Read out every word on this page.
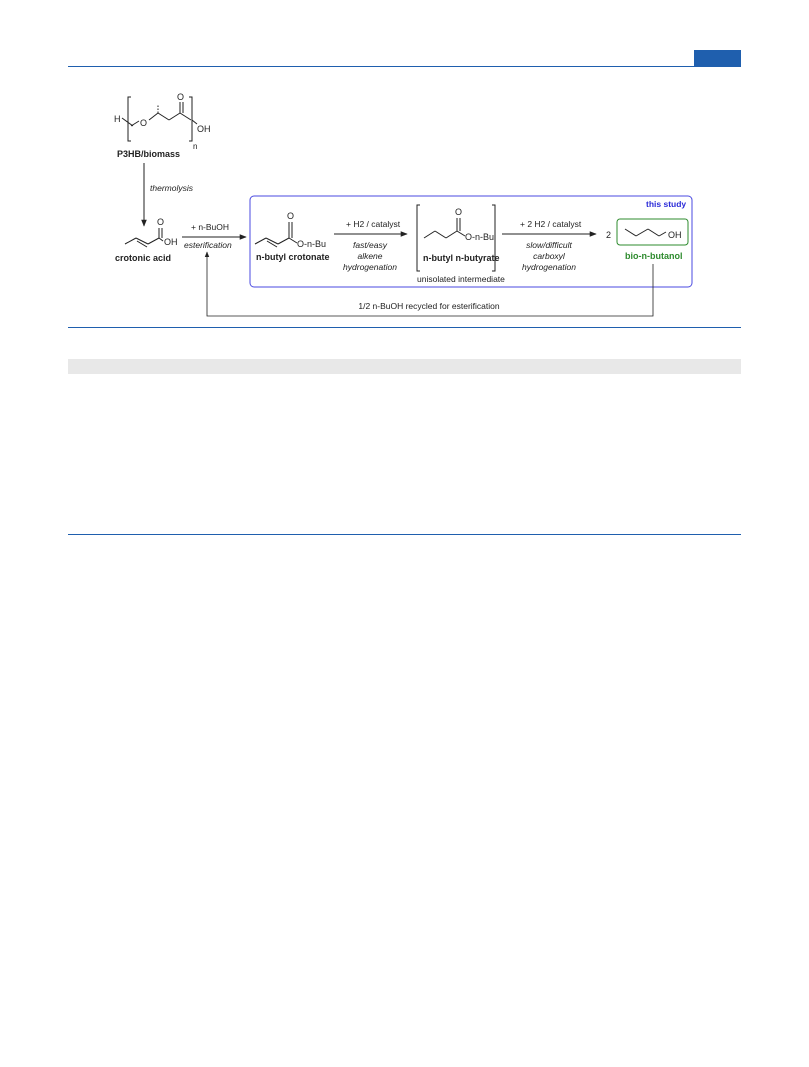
H O
O
OH
n
P3HB/biomass
thermolysis
O
OH
crotonic acid
+ n-BuOH
esterification
this study
O
O-n-Bu
n-butyl crotonate
+ H2 / catalyst
fast/easy
alkene
hydrogenation
O
O-n-Bu
n-butyl n-butyrate
unisolated intermediate
+ 2 H2 / catalyst
slow/difficult
carboxyl
hydrogenation
2	OH
bio-n-butanol
1/2 n-BuOH recycled for esterification
